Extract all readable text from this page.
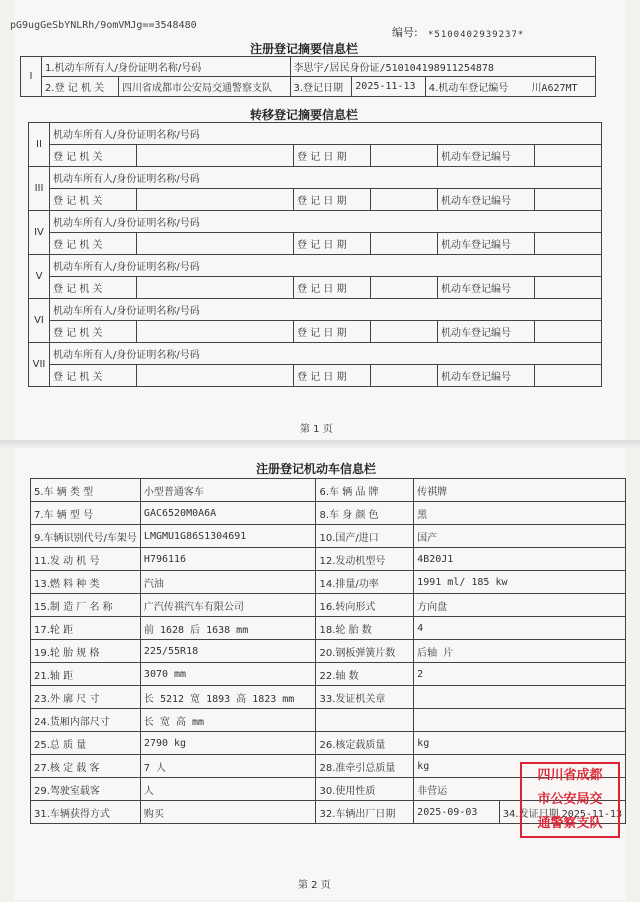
pG9ugGeSbYNLRh/9omVMJg==3548480
编号: *5100402939237*
注册登记摘要信息栏
I	1.机动车所有人/身份证明名称/号码		李思宇/居民身份证/510104198911254878		
	2.登 记 机 关	四川省成都市公安局交通警察支队	3.登记日期	2025-11-13	4.机动车登记编号 川A627MT
转移登记摘要信息栏
II	机动车所有人/身份证明名称/号码					
	登 记 机 关		登 记 日 期		机动车登记编号	
III	机动车所有人/身份证明名称/号码					
	登 记 机 关		登 记 日 期		机动车登记编号	
IV	机动车所有人/身份证明名称/号码					
	登 记 机 关		登 记 日 期		机动车登记编号	
V	机动车所有人/身份证明名称/号码					
	登 记 机 关		登 记 日 期		机动车登记编号	
VI	机动车所有人/身份证明名称/号码					
	登 记 机 关		登 记 日 期		机动车登记编号	
VII	机动车所有人/身份证明名称/号码					
	登 记 机 关		登 记 日 期		机动车登记编号	
第 1 页
注册登记机动车信息栏
5.车 辆 类 型	小型普通客车	6.车 辆 品 牌	传祺牌	
7.车 辆 型 号	GAC6520M0A6A	8.车 身 颜 色	黑	
9.车辆识别代号/车架号	LMGMU1G86S1304691	10.国产/进口	国产	
11.发 动 机 号	H796116	12.发动机型号	4B20J1	
13.燃 料 种 类	汽油	14.排量/功率	1991 ml/ 185 kw	
15.制 造 厂 名 称	广汽传祺汽车有限公司	16.转向形式	方向盘	
17.轮 距	前 1628 后 1638 mm	18.轮 胎 数	4	
19.轮 胎 规 格	225/55R18	20.钢板弹簧片数	后轴 片	
21.轴 距	3070 mm	22.轴 数	2	
23.外 廓 尺 寸	长 5212 宽 1893 高 1823 mm	33.发证机关章		
24.货厢内部尺寸	长 宽 高 mm			
25.总 质 量	2790 kg	26.核定载质量	kg	
27.核 定 载 客	7 人	28.准牵引总质量	kg	
29.驾驶室载客	人	30.使用性质	非营运	
31.车辆获得方式	购买	32.车辆出厂日期	2025-09-03	34.发证日期 2025-11-13
四川省成都
市公安局交
通警察支队
第 2 页
